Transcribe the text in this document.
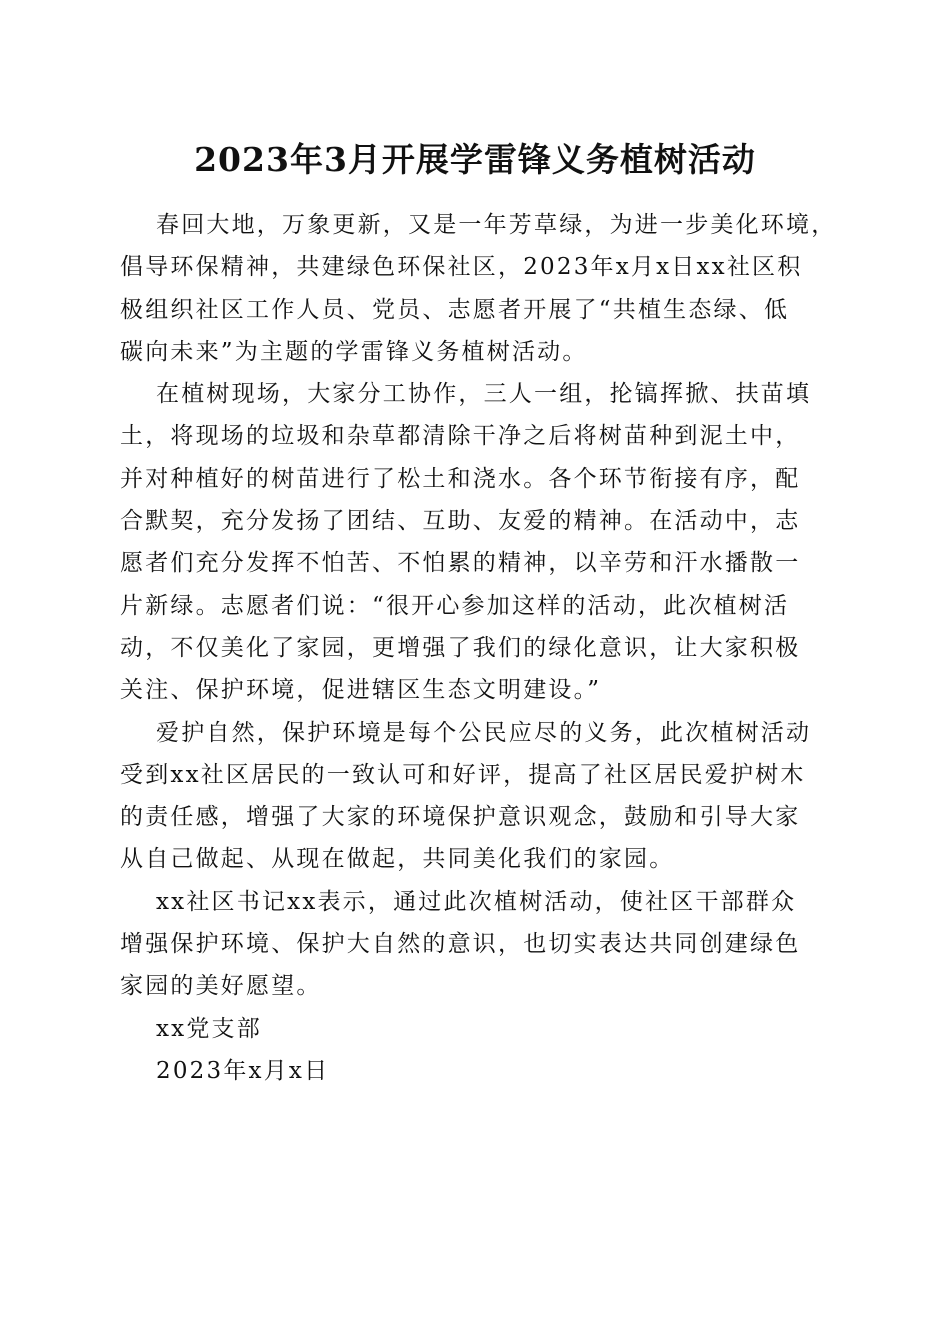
2023年3月开展学雷锋义务植树活动

春回大地，万象更新，又是一年芳草绿，为进一步美化环境，

倡导环保精神，共建绿色环保社区，2023年x月x日xx社区积

极组织社区工作人员、党员、志愿者开展了“共植生态绿、低

碳向未来”为主题的学雷锋义务植树活动。

在植树现场，大家分工协作，三人一组，抡镐挥掀、扶苗填

土，将现场的垃圾和杂草都清除干净之后将树苗种到泥土中，

并对种植好的树苗进行了松土和浇水。各个环节衔接有序，配

合默契，充分发扬了团结、互助、友爱的精神。在活动中，志

愿者们充分发挥不怕苦、不怕累的精神，以辛劳和汗水播散一

片新绿。志愿者们说：“很开心参加这样的活动，此次植树活

动，不仅美化了家园，更增强了我们的绿化意识，让大家积极

关注、保护环境，促进辖区生态文明建设。”

爱护自然，保护环境是每个公民应尽的义务，此次植树活动

受到xx社区居民的一致认可和好评，提高了社区居民爱护树木

的责任感，增强了大家的环境保护意识观念，鼓励和引导大家

从自己做起、从现在做起，共同美化我们的家园。

xx社区书记xx表示，通过此次植树活动，使社区干部群众

增强保护环境、保护大自然的意识，也切实表达共同创建绿色

家园的美好愿望。

xx党支部

2023年x月x日
